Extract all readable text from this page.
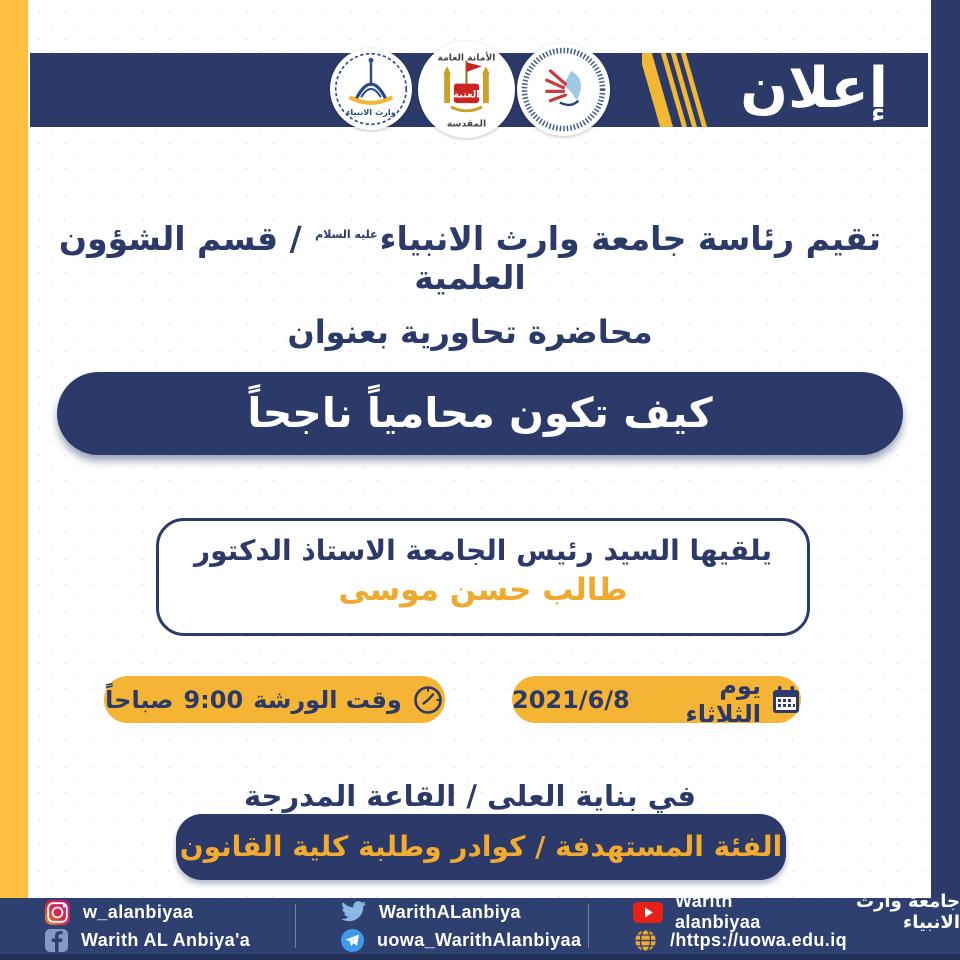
وارث الانبياء
الأمانة العامة
العتبة
المقدسة
إعلان

تقيم رئاسة جامعة وارث الانبياء$^{عليه السلام}$ / قسم الشؤون العلمية

محاضرة تحاورية بعنوان

كيف تكون محامياً ناجحاً
يلقيها السيد رئيس الجامعة الاستاذ الدكتور
طالب حسن موسى
وقت الورشة
9:00
صباحاً	يوم الثلاثاء
2021/6/8

في بناية العلى / القاعة المدرجة

الفئة المستهدفة / كوادر وطلبة كلية القانون
w_alanbiyaa
Warith AL Anbiya'a
WarithALanbiya
uowa_WarithAlanbiyaa
Warith alanbiyaa
جامعة وارث الانبياء
/https://uowa.edu.iq
